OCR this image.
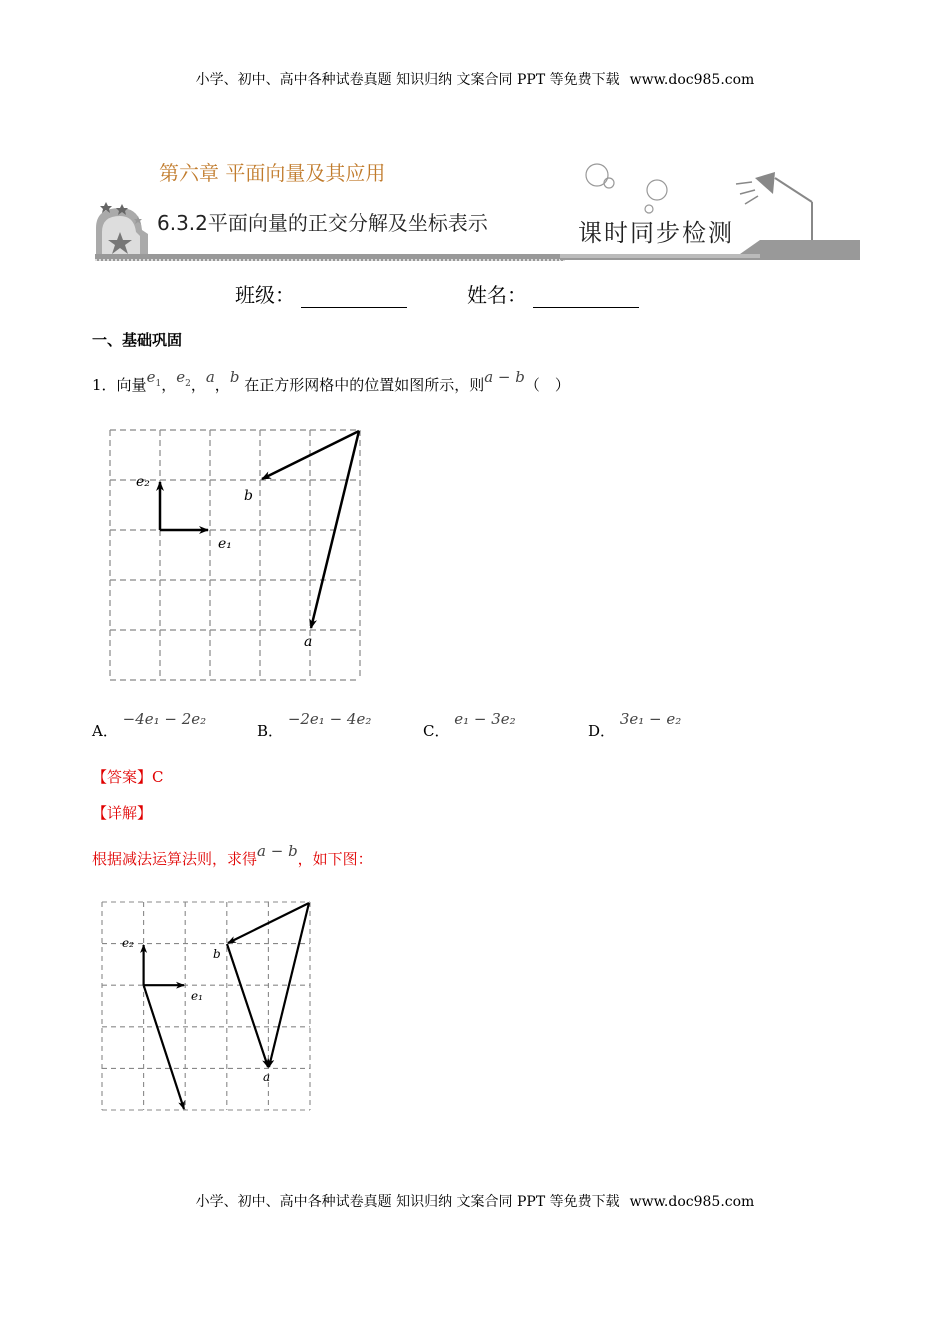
小学、初中、高中各种试卷真题 知识归纳 文案合同 PPT 等免费下载 www.doc985.com
第六章 平面向量及其应用
6.3.2平面向量的正交分解及坐标表示	课时同步检测
班级：	姓名：
一、基础巩固
1．向量$e_1$，$e_2$，a，b 在正方形网格中的位置如图所示，则a − b（　）
e₁
e₂
b
a
A． −4e₁ − 2e₂
B． −2e₁ − 4e₂
C． e₁ − 3e₂
D． 3e₁ − e₂
【答案】C
【详解】
根据减法运算法则，求得a − b，如下图：
e₁
e₂
b
a
小学、初中、高中各种试卷真题 知识归纳 文案合同 PPT 等免费下载 www.doc985.com
